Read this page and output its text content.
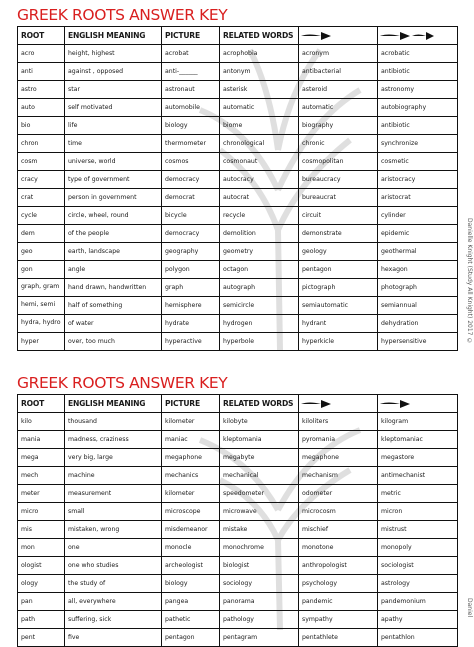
GREEK ROOTS ANSWER KEY
ROOT	ENGLISH MEANING	PICTURE	RELATED WORDS	

acro	height, highest	acrobat	acrophobia	acronym	acrobatic
anti	against , opposed	anti-______	antonym	antibacterial	antibiotic
astro	star	astronaut	asterisk	asteroid	astronomy
auto	self motivated	automobile	automatic	automatic	autobiography
bio	life	biology	biome	biography	antibiotic
chron	time	thermometer	chronological	chronic	synchronize
cosm	universe, world	cosmos	cosmonaut	cosmopolitan	cosmetic
cracy	type of government	democracy	autocracy	bureaucracy	aristocracy
crat	person in government	democrat	autocrat	bureaucrat	aristocrat
cycle	circle, wheel, round	bicycle	recycle	circuit	cylinder
dem	of the people	democracy	demolition	demonstrate	epidemic
geo	earth, landscape	geography	geometry	geology	geothermal
gon	angle	polygon	octagon	pentagon	hexagon
graph, gram	hand drawn, handwritten	graph	autograph	pictograph	photograph
hemi, semi	half of something	hemisphere	semicircle	semiautomatic	semiannual
hydra, hydro	of water	hydrate	hydrogen	hydrant	dehydration
hyper	over, too much	hyperactive	hyperbole	hyperkicle	hypersensitive
GREEK ROOTS ANSWER KEY
ROOT	ENGLISH MEANING	PICTURE	RELATED WORDS	

kilo	thousand	kilometer	kilobyte	kiloliters	kilogram
mania	madness, craziness	maniac	kleptomania	pyromania	kleptomaniac
mega	very big, large	megaphone	megabyte	megaphone	megastore
mech	machine	mechanics	mechanical	mechanism	antimechanist
meter	measurement	kilometer	speedometer	odometer	metric
micro	small	microscope	microwave	microcosm	micron
mis	mistaken, wrong	misdemeanor	mistake	mischief	mistrust
mon	one	monocle	monochrome	monotone	monopoly
ologist	one who studies	archeologist	biologist	anthropologist	sociologist
ology	the study of	biology	sociology	psychology	astrology
pan	all, everywhere	pangea	panorama	pandemic	pandemonium
path	suffering, sick	pathetic	pathology	sympathy	apathy
pent	five	pentagon	pentagram	pentathlete	pentathlon
Danielle Knight (Study All Knight) 2017 ©
Daniel
